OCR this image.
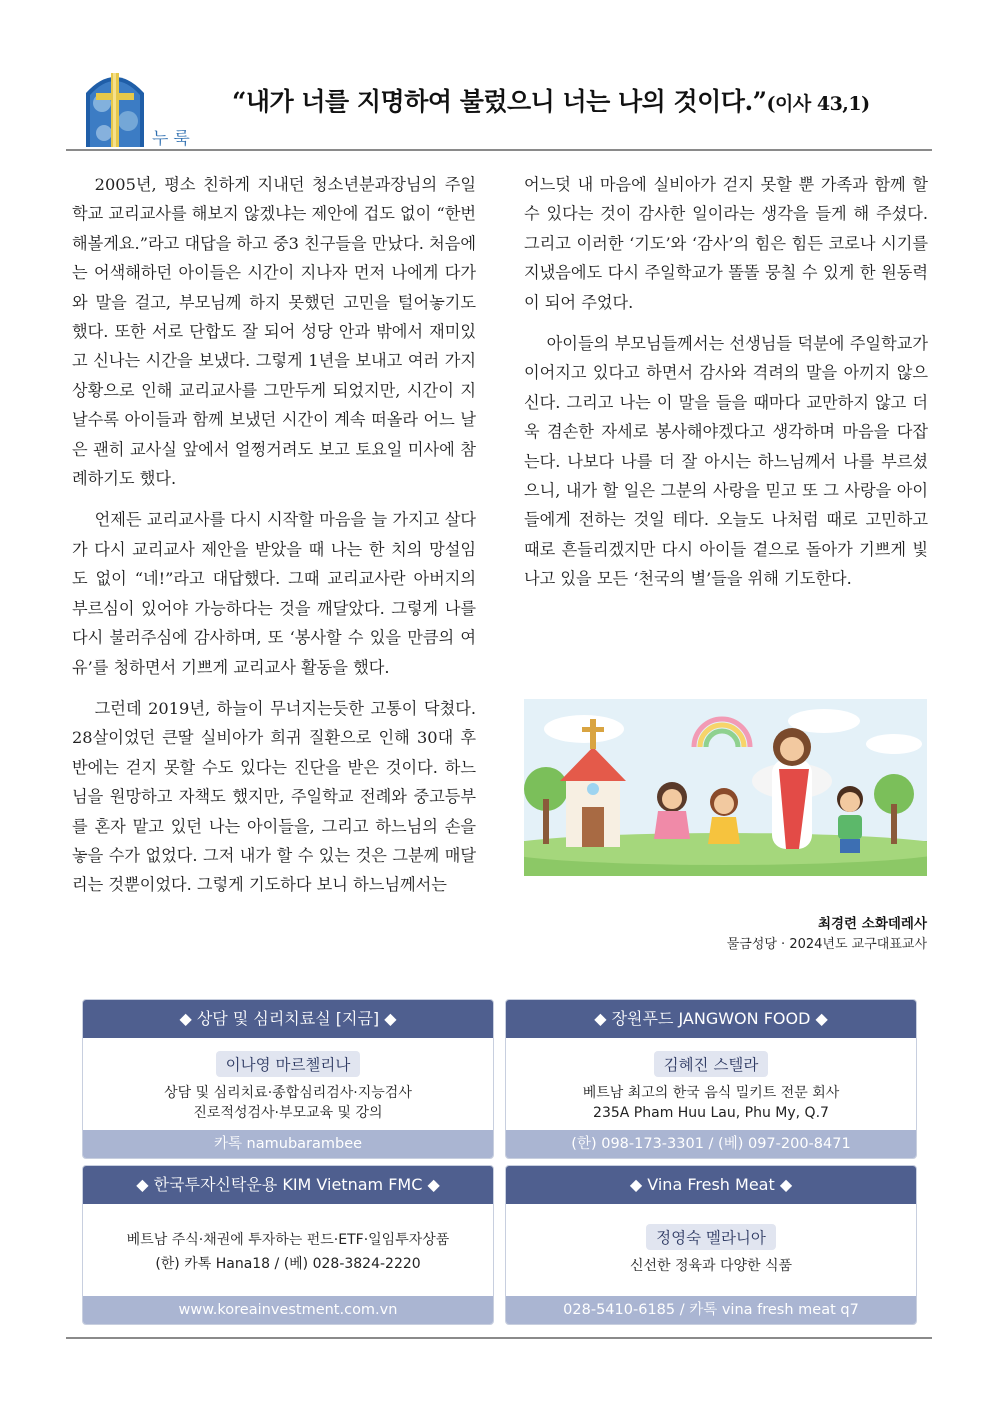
누룩
“내가 너를 지명하여 불렀으니 너는 나의 것이다.”(이사 43,1)

2005년, 평소 친하게 지내던 청소년분과장님의 주일학교 교리교사를 해보지 않겠냐는 제안에 겁도 없이 “한번 해볼게요.”라고 대답을 하고 중3 친구들을 만났다. 처음에는 어색해하던 아이들은 시간이 지나자 먼저 나에게 다가와 말을 걸고, 부모님께 하지 못했던 고민을 털어놓기도 했다. 또한 서로 단합도 잘 되어 성당 안과 밖에서 재미있고 신나는 시간을 보냈다. 그렇게 1년을 보내고 여러 가지 상황으로 인해 교리교사를 그만두게 되었지만, 시간이 지날수록 아이들과 함께 보냈던 시간이 계속 떠올라 어느 날은 괜히 교사실 앞에서 얼쩡거려도 보고 토요일 미사에 참례하기도 했다.

언제든 교리교사를 다시 시작할 마음을 늘 가지고 살다가 다시 교리교사 제안을 받았을 때 나는 한 치의 망설임도 없이 “네!”라고 대답했다. 그때 교리교사란 아버지의 부르심이 있어야 가능하다는 것을 깨달았다. 그렇게 나를 다시 불러주심에 감사하며, 또 ‘봉사할 수 있을 만큼의 여유’를 청하면서 기쁘게 교리교사 활동을 했다.

그런데 2019년, 하늘이 무너지는듯한 고통이 닥쳤다. 28살이었던 큰딸 실비아가 희귀 질환으로 인해 30대 후반에는 걷지 못할 수도 있다는 진단을 받은 것이다. 하느님을 원망하고 자책도 했지만, 주일학교 전례와 중고등부를 혼자 맡고 있던 나는 아이들을, 그리고 하느님의 손을 놓을 수가 없었다. 그저 내가 할 수 있는 것은 그분께 매달리는 것뿐이었다. 그렇게 기도하다 보니 하느님께서는

어느덧 내 마음에 실비아가 걷지 못할 뿐 가족과 함께 할 수 있다는 것이 감사한 일이라는 생각을 들게 해 주셨다. 그리고 이러한 ‘기도’와 ‘감사’의 힘은 힘든 코로나 시기를 지냈음에도 다시 주일학교가 똘똘 뭉칠 수 있게 한 원동력이 되어 주었다.

아이들의 부모님들께서는 선생님들 덕분에 주일학교가 이어지고 있다고 하면서 감사와 격려의 말을 아끼지 않으신다. 그리고 나는 이 말을 들을 때마다 교만하지 않고 더욱 겸손한 자세로 봉사해야겠다고 생각하며 마음을 다잡는다. 나보다 나를 더 잘 아시는 하느님께서 나를 부르셨으니, 내가 할 일은 그분의 사랑을 믿고 또 그 사랑을 아이들에게 전하는 것일 테다. 오늘도 나처럼 때로 고민하고 때로 흔들리겠지만 다시 아이들 곁으로 돌아가 기쁘게 빛나고 있을 모든 ‘천국의 별’들을 위해 기도한다.

최경련 소화데레사
물금성당 · 2024년도 교구대표교사
◆ 상담 및 심리치료실 [지금] ◆
이나영 마르첼리나
상담 및 심리치료·종합심리검사·지능검사
진로적성검사·부모교육 및 강의
카톡 namubarambee
◆ 장원푸드 JANGWON FOOD ◆
김혜진 스텔라
베트남 최고의 한국 음식 밀키트 전문 회사
235A Pham Huu Lau, Phu My, Q.7
(한) 098-173-3301 / (베) 097-200-8471
◆ 한국투자신탁운용 KIM Vietnam FMC ◆
베트남 주식·채권에 투자하는 펀드·ETF·일임투자상품
(한) 카톡 Hana18 / (베) 028-3824-2220
www.koreainvestment.com.vn
◆ Vina Fresh Meat ◆
정영숙 멜라니아
신선한 정육과 다양한 식품
028-5410-6185 / 카톡 vina fresh meat q7
